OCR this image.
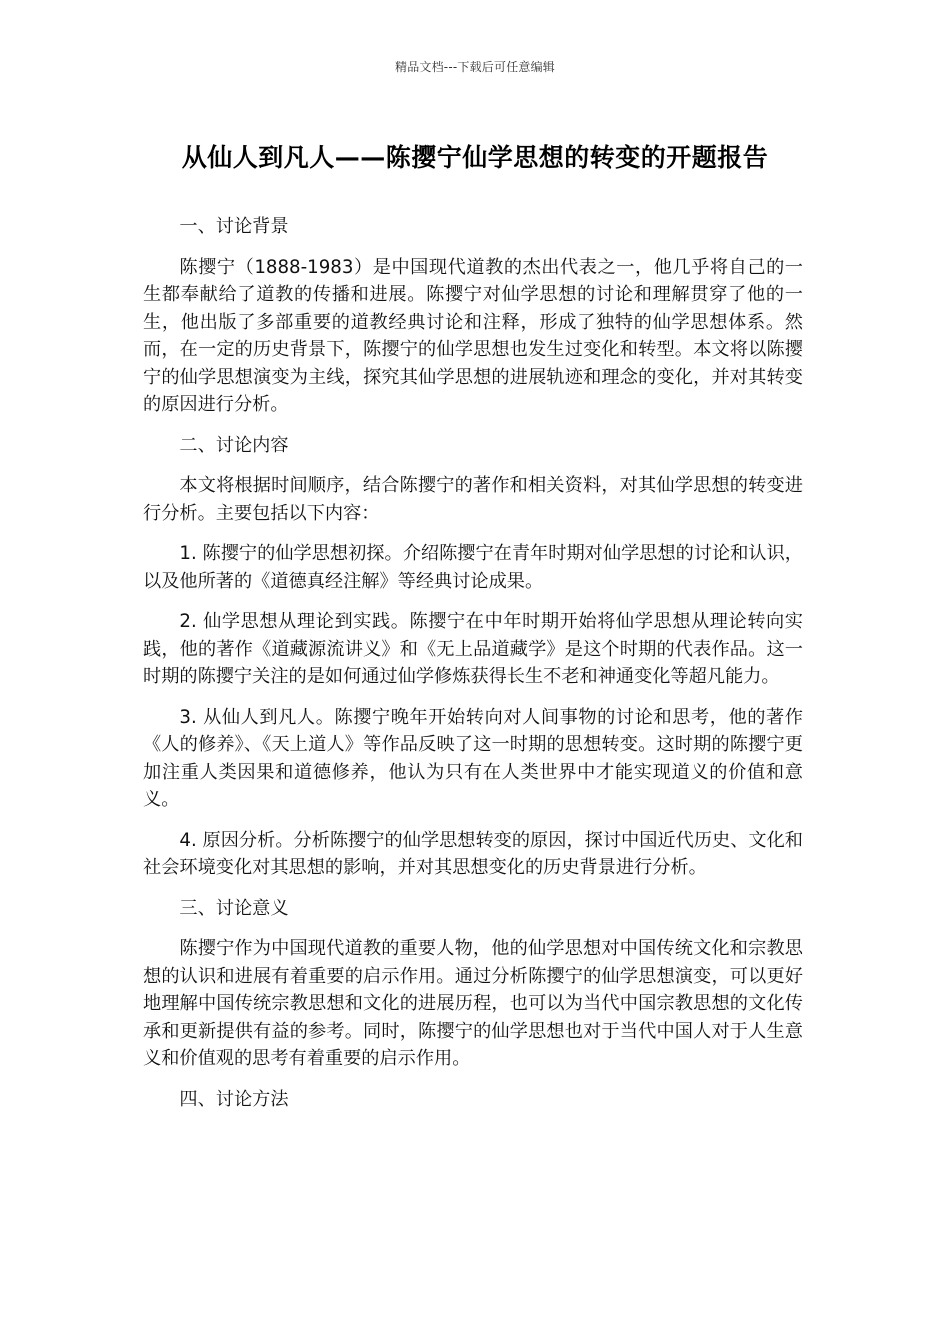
精品文档---下载后可任意编辑
从仙人到凡人——陈撄宁仙学思想的转变的开题报告
一、讨论背景

陈撄宁（1888-1983）是中国现代道教的杰出代表之一，他几乎将自己的一生都奉献给了道教的传播和进展。陈撄宁对仙学思想的讨论和理解贯穿了他的一生，他出版了多部重要的道教经典讨论和注释，形成了独特的仙学思想体系。然而，在一定的历史背景下，陈撄宁的仙学思想也发生过变化和转型。本文将以陈撄宁的仙学思想演变为主线，探究其仙学思想的进展轨迹和理念的变化，并对其转变的原因进行分析。

二、讨论内容

本文将根据时间顺序，结合陈撄宁的著作和相关资料，对其仙学思想的转变进行分析。主要包括以下内容：

1. 陈撄宁的仙学思想初探。介绍陈撄宁在青年时期对仙学思想的讨论和认识，以及他所著的《道德真经注解》等经典讨论成果。

2. 仙学思想从理论到实践。陈撄宁在中年时期开始将仙学思想从理论转向实践，他的著作《道藏源流讲义》和《无上品道藏学》是这个时期的代表作品。这一时期的陈撄宁关注的是如何通过仙学修炼获得长生不老和神通变化等超凡能力。

3. 从仙人到凡人。陈撄宁晚年开始转向对人间事物的讨论和思考，他的著作《人的修养》、《天上道人》等作品反映了这一时期的思想转变。这时期的陈撄宁更加注重人类因果和道德修养，他认为只有在人类世界中才能实现道义的价值和意义。

4. 原因分析。分析陈撄宁的仙学思想转变的原因，探讨中国近代历史、文化和社会环境变化对其思想的影响，并对其思想变化的历史背景进行分析。

三、讨论意义

陈撄宁作为中国现代道教的重要人物，他的仙学思想对中国传统文化和宗教思想的认识和进展有着重要的启示作用。通过分析陈撄宁的仙学思想演变，可以更好地理解中国传统宗教思想和文化的进展历程，也可以为当代中国宗教思想的文化传承和更新提供有益的参考。同时，陈撄宁的仙学思想也对于当代中国人对于人生意义和价值观的思考有着重要的启示作用。

四、讨论方法
